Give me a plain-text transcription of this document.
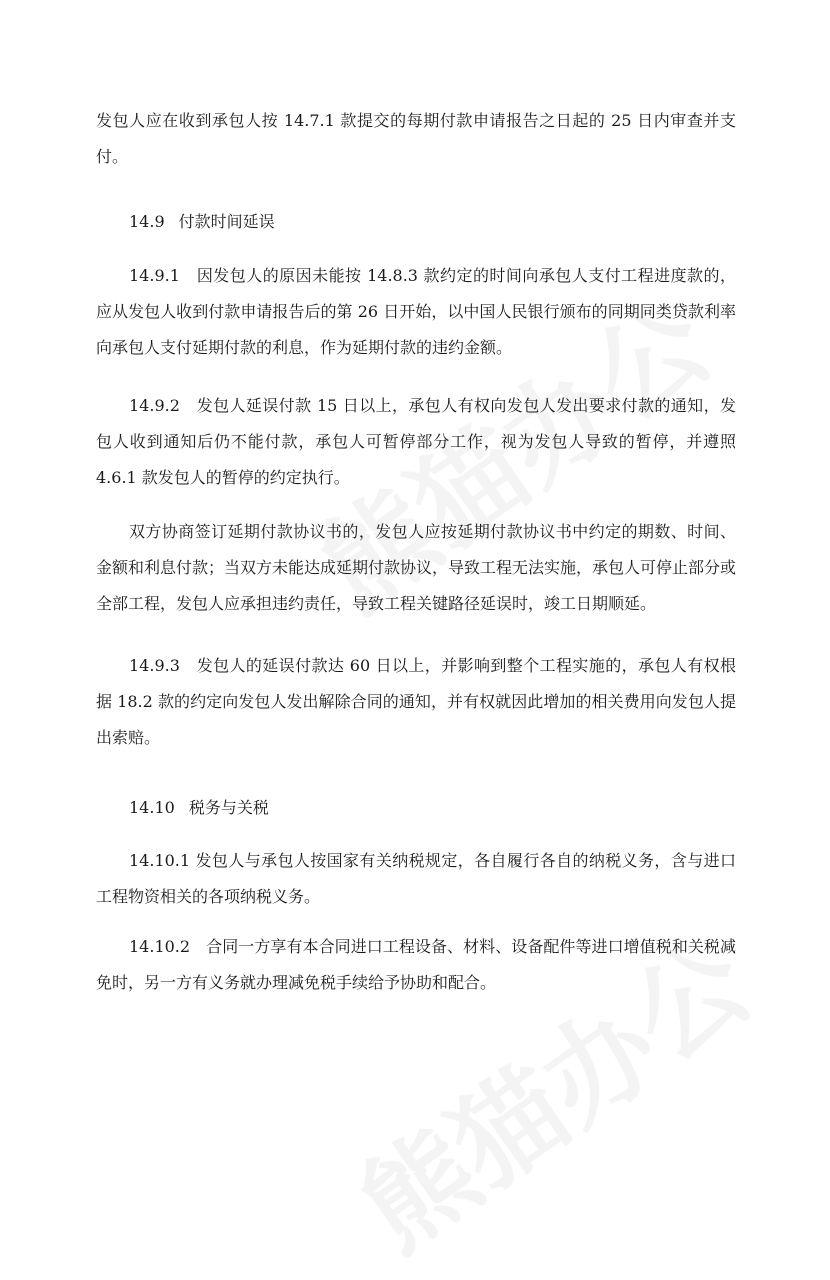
发包人应在收到承包人按 14.7.1 款提交的每期付款申请报告之日起的 25 日内审查并支付。

14.9 付款时间延误

14.9.1　因发包人的原因未能按 14.8.3 款约定的时间向承包人支付工程进度款的，应从发包人收到付款申请报告后的第 26 日开始，以中国人民银行颁布的同期同类贷款利率向承包人支付延期付款的利息，作为延期付款的违约金额。

14.9.2　发包人延误付款 15 日以上，承包人有权向发包人发出要求付款的通知，发包人收到通知后仍不能付款，承包人可暂停部分工作，视为发包人导致的暂停，并遵照 4.6.1 款发包人的暂停的约定执行。

双方协商签订延期付款协议书的，发包人应按延期付款协议书中约定的期数、时间、金额和利息付款；当双方未能达成延期付款协议，导致工程无法实施，承包人可停止部分或全部工程，发包人应承担违约责任，导致工程关键路径延误时，竣工日期顺延。

14.9.3　发包人的延误付款达 60 日以上，并影响到整个工程实施的，承包人有权根据 18.2 款的约定向发包人发出解除合同的通知，并有权就因此增加的相关费用向发包人提出索赔。

14.10 税务与关税

14.10.1 发包人与承包人按国家有关纳税规定，各自履行各自的纳税义务，含与进口工程物资相关的各项纳税义务。

14.10.2　合同一方享有本合同进口工程设备、材料、设备配件等进口增值税和关税减免时，另一方有义务就办理减免税手续给予协助和配合。
